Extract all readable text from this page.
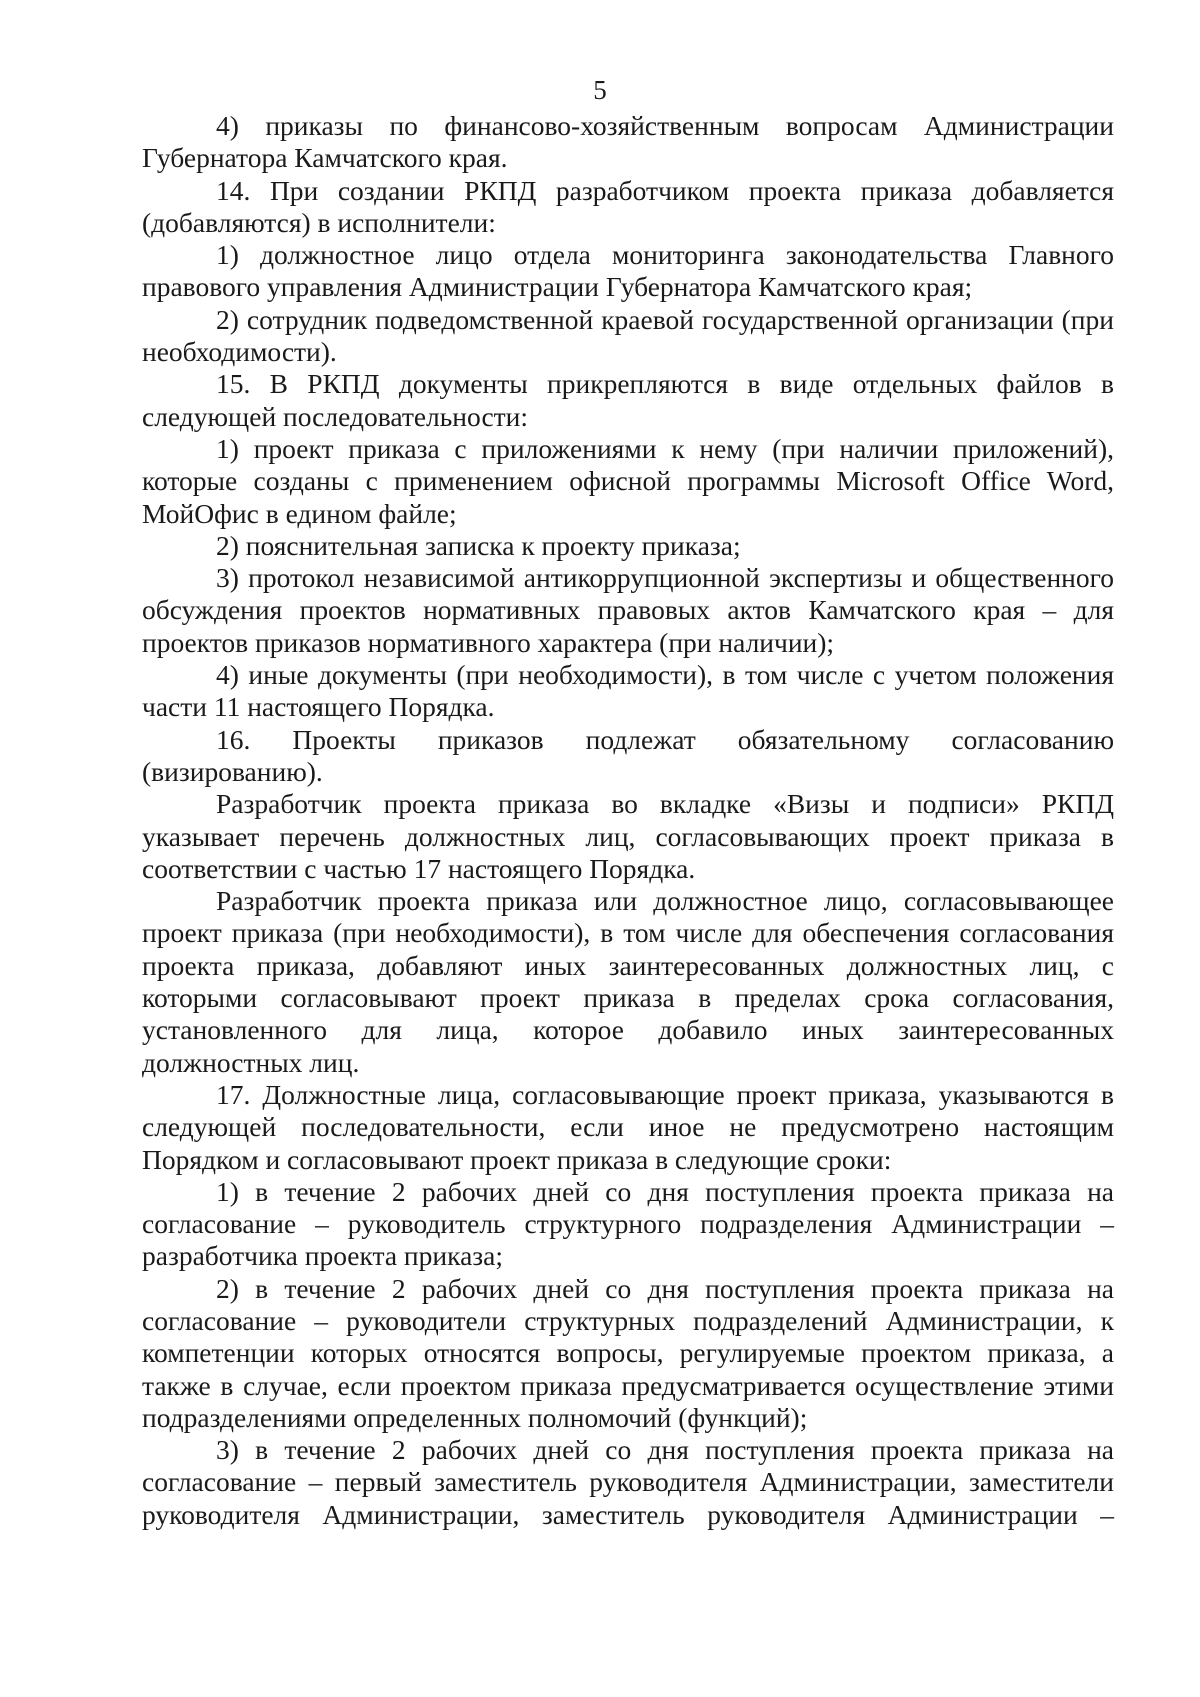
5

4) приказы по финансово-хозяйственным вопросам Администрации Губернатора Камчатского края.

14. При создании РКПД разработчиком проекта приказа добавляется (добавляются) в исполнители:

1) должностное лицо отдела мониторинга законодательства Главного правового управления Администрации Губернатора Камчатского края;

2) сотрудник подведомственной краевой государственной организации (при необходимости).

15. В РКПД документы прикрепляются в виде отдельных файлов в следующей последовательности:

1) проект приказа с приложениями к нему (при наличии приложений), которые созданы с применением офисной программы Microsoft Office Word, МойОфис в едином файле;

2) пояснительная записка к проекту приказа;

3) протокол независимой антикоррупционной экспертизы и общественного обсуждения проектов нормативных правовых актов Камчатского края – для проектов приказов нормативного характера (при наличии);

4) иные документы (при необходимости), в том числе с учетом положения части 11 настоящего Порядка.

16. Проекты приказов подлежат обязательному согласованию (визированию).

Разработчик проекта приказа во вкладке «Визы и подписи» РКПД указывает перечень должностных лиц, согласовывающих проект приказа в соответствии с частью 17 настоящего Порядка.

Разработчик проекта приказа или должностное лицо, согласовывающее проект приказа (при необходимости), в том числе для обеспечения согласования проекта приказа, добавляют иных заинтересованных должностных лиц, с которыми согласовывают проект приказа в пределах срока согласования, установленного для лица, которое добавило иных заинтересованных должностных лиц.

17. Должностные лица, согласовывающие проект приказа, указываются в следующей последовательности, если иное не предусмотрено настоящим Порядком и согласовывают проект приказа в следующие сроки:

1) в течение 2 рабочих дней со дня поступления проекта приказа на согласование – руководитель структурного подразделения Администрации – разработчика проекта приказа;

2) в течение 2 рабочих дней со дня поступления проекта приказа на согласование – руководители структурных подразделений Администрации, к компетенции которых относятся вопросы, регулируемые проектом приказа, а также в случае, если проектом приказа предусматривается осуществление этими подразделениями определенных полномочий (функций);

3) в течение 2 рабочих дней со дня поступления проекта приказа на согласование – первый заместитель руководителя Администрации, заместители руководителя Администрации, заместитель руководителя Администрации –
